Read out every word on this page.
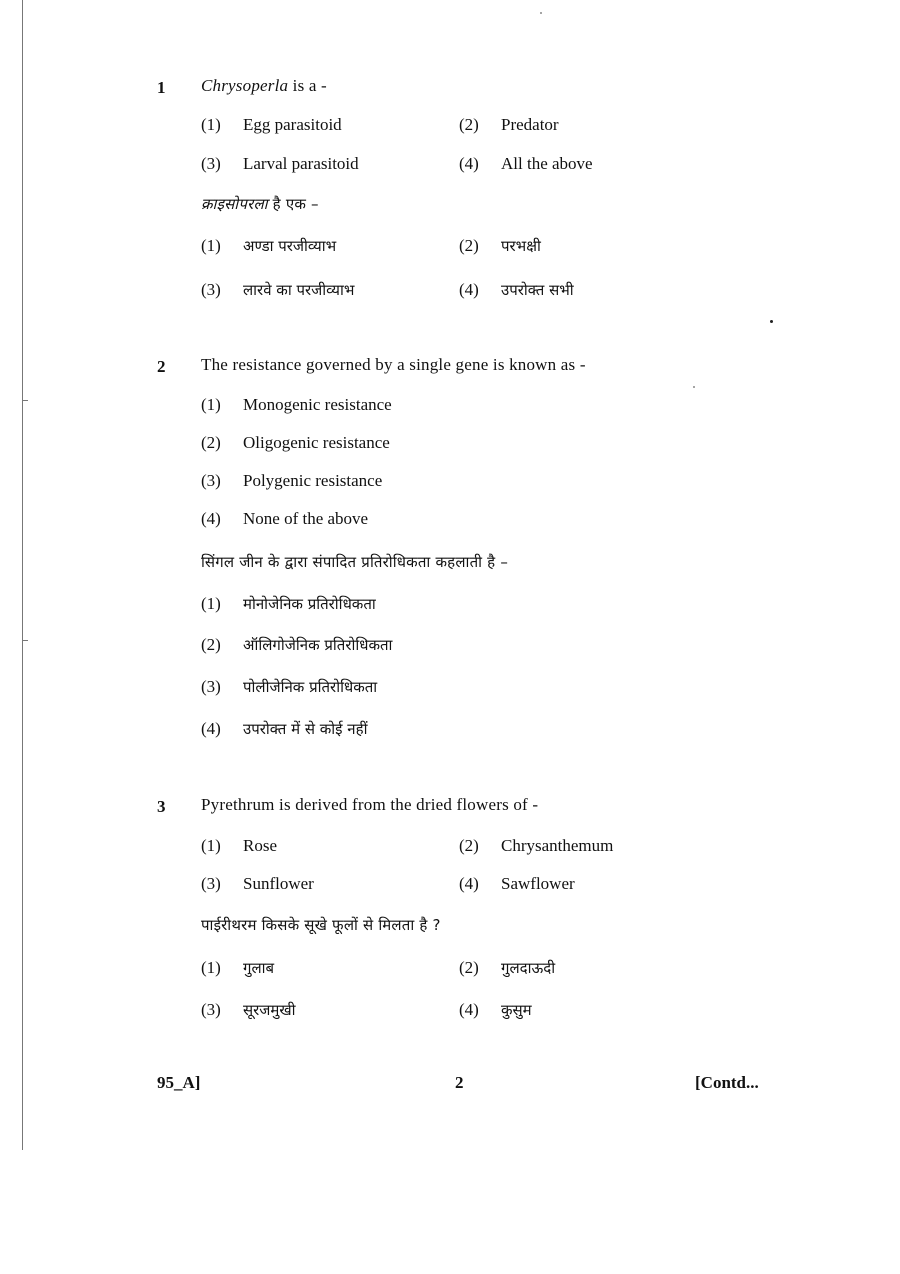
1 Chrysoperla is a -
(1) Egg parasitoid	(2) Predator
(3) Larval parasitoid	(4) All the above
क्राइसोपरला है एक –
(1) अण्डा परजीव्याभ	(2) परभक्षी
(3) लारवे का परजीव्याभ	(4) उपरोक्त सभी
2 The resistance governed by a single gene is known as -
(1) Monogenic resistance
(2) Oligogenic resistance
(3) Polygenic resistance
(4) None of the above
सिंगल जीन के द्वारा संपादित प्रतिरोधिकता कहलाती है –
(1) मोनोजेनिक प्रतिरोधिकता
(2) ऑलिगोजेनिक प्रतिरोधिकता
(3) पोलीजेनिक प्रतिरोधिकता
(4) उपरोक्त में से कोई नहीं
3 Pyrethrum is derived from the dried flowers of -
(1) Rose	(2) Chrysanthemum
(3) Sunflower	(4) Sawflower
पाईरीथरम किसके सूखे फूलों से मिलता है ?
(1) गुलाब	(2) गुलदाऊदी
(3) सूरजमुखी	(4) कुसुम
95_A]	2	[Contd...
